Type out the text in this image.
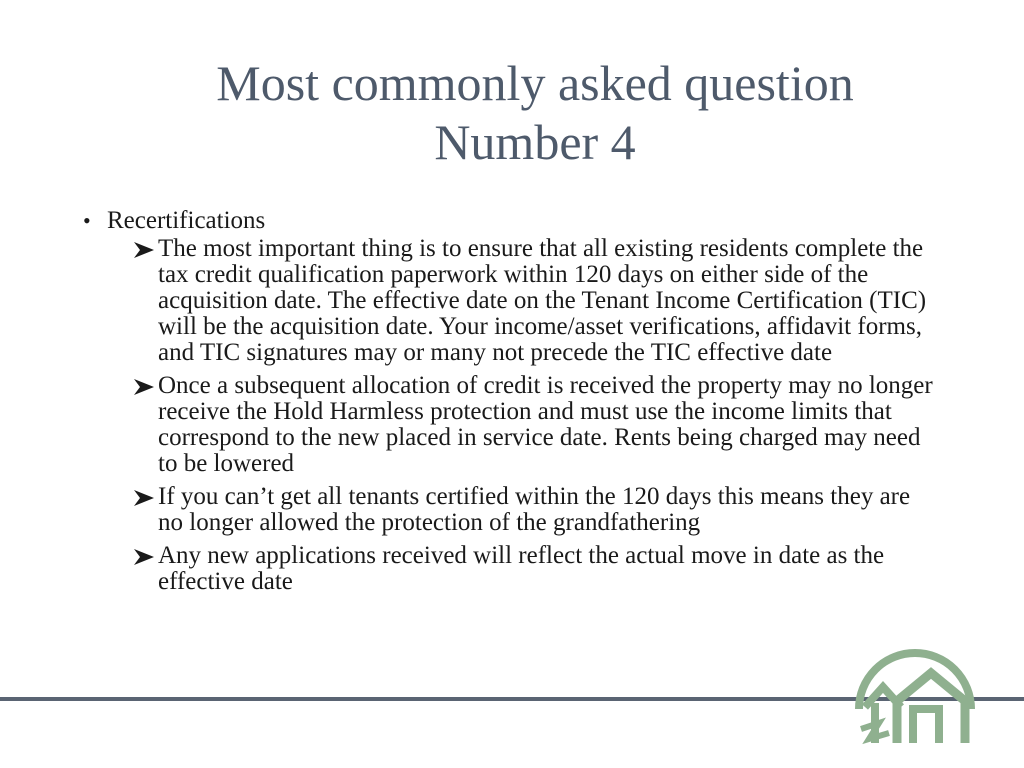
Most commonly asked question
Number 4
• Recertifications
The most important thing is to ensure that all existing residents complete the tax credit qualification paperwork within 120 days on either side of the acquisition date. The effective date on the Tenant Income Certification (TIC) will be the acquisition date. Your income/asset verifications, affidavit forms, and TIC signatures may or many not precede the TIC effective date
Once a subsequent allocation of credit is received the property may no longer receive the Hold Harmless protection and must use the income limits that correspond to the new placed in service date. Rents being charged may need to be lowered
If you can’t get all tenants certified within the 120 days this means they are no longer allowed the protection of the grandfathering
Any new applications received will reflect the actual move in date as the effective date
